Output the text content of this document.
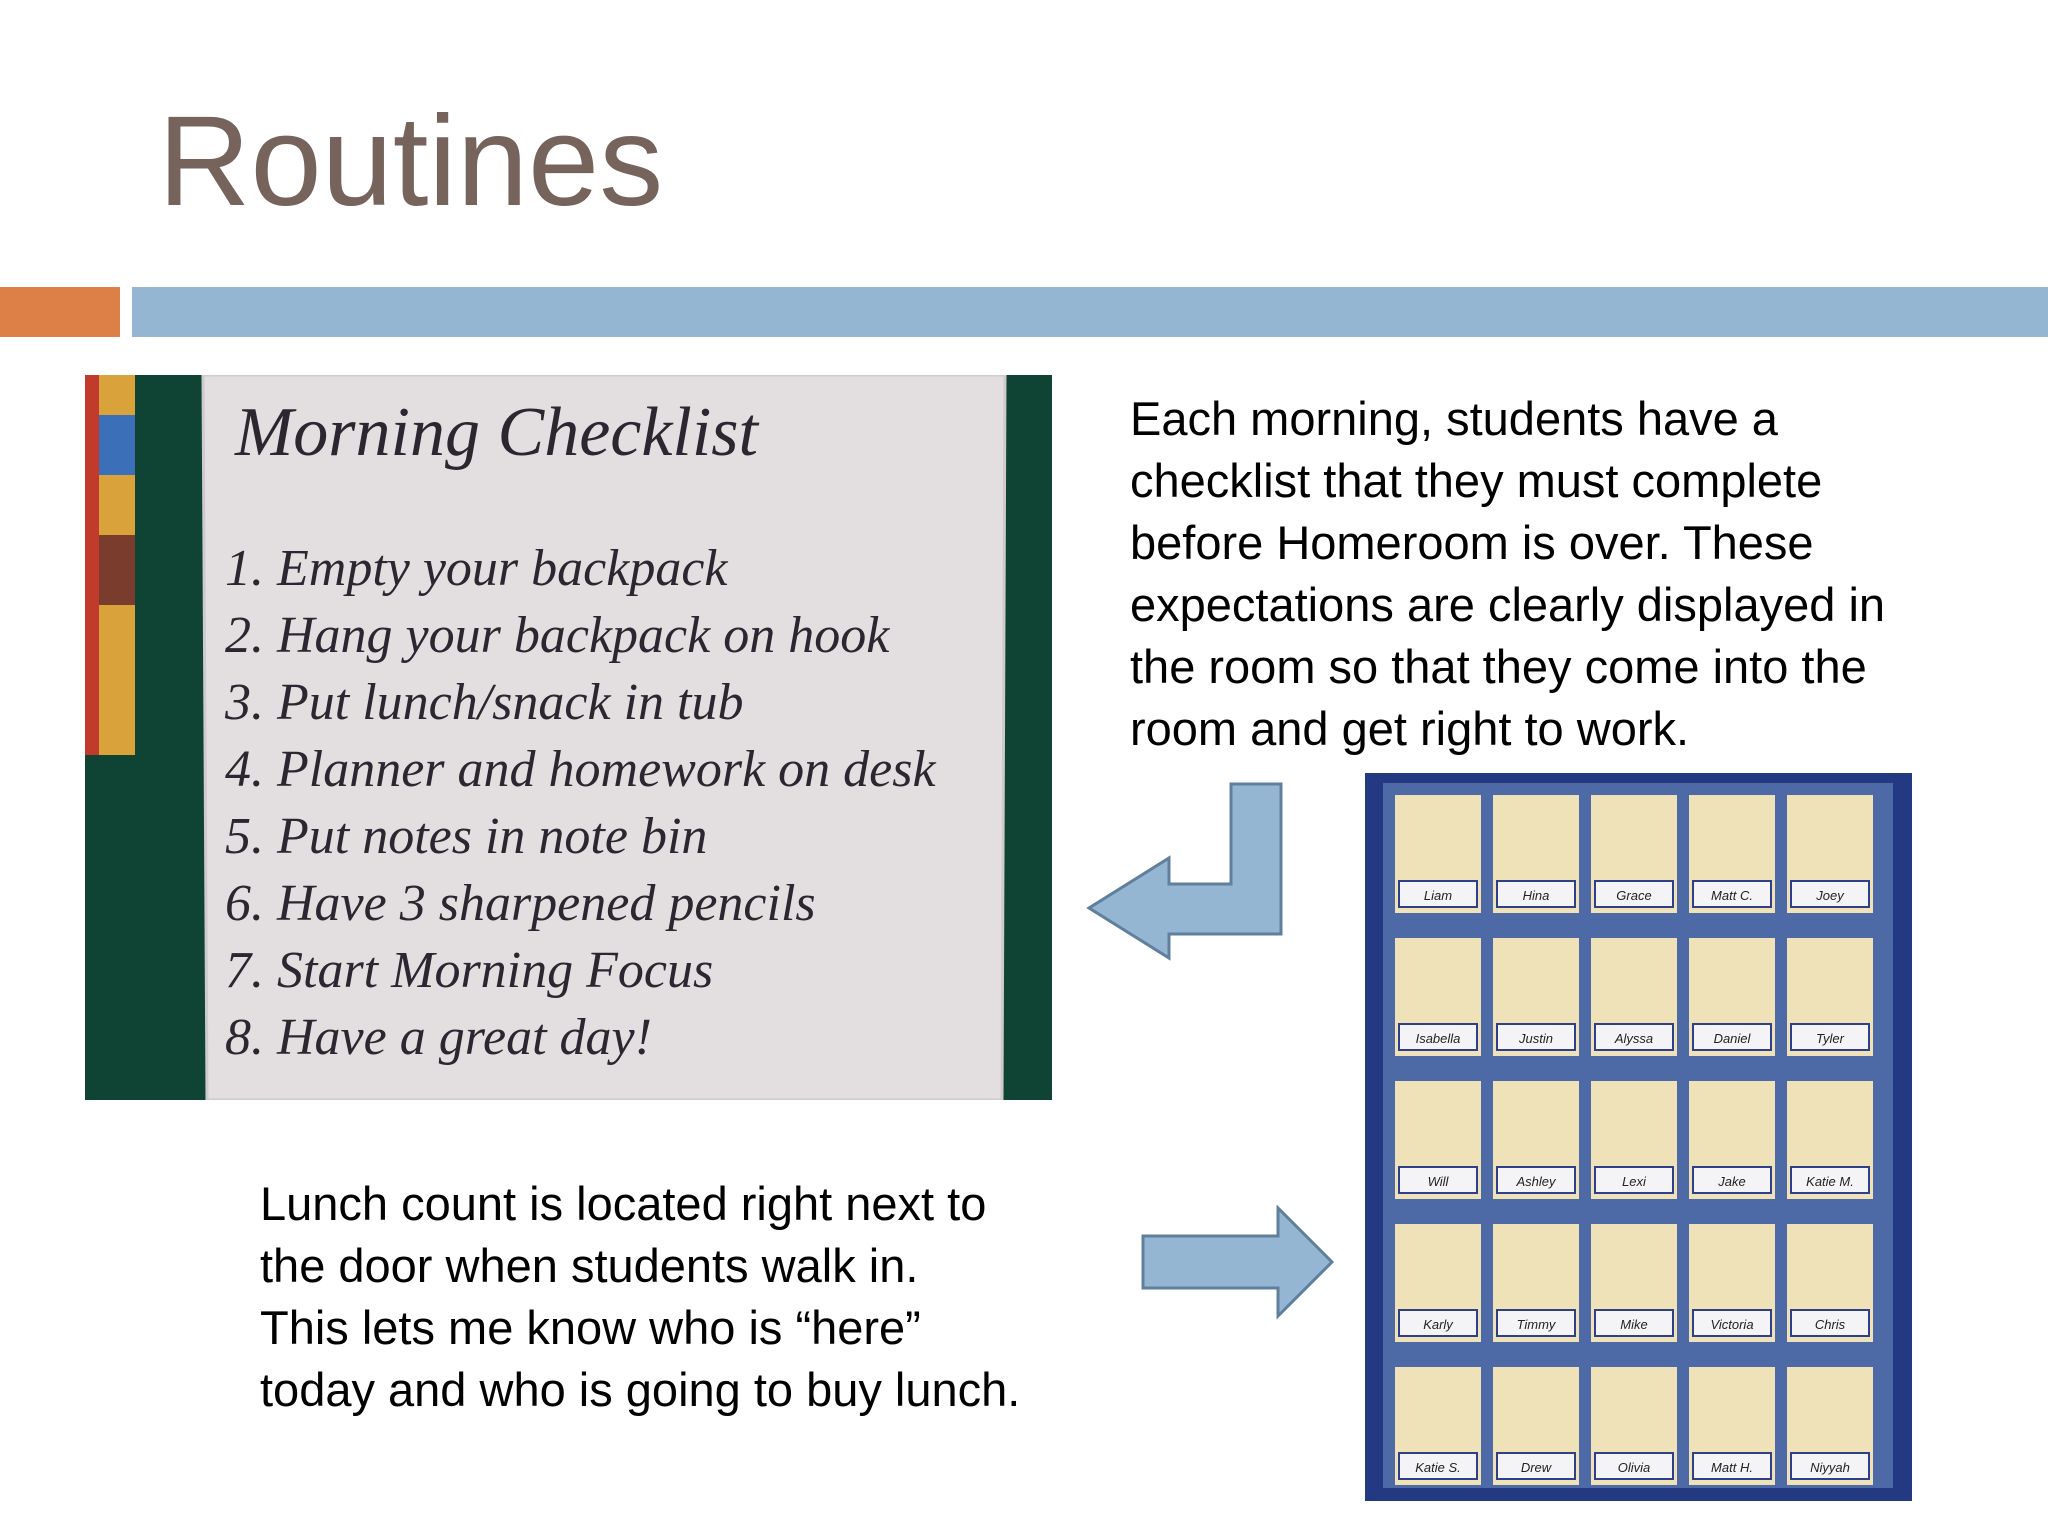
Routines
Morning Checklist
1. Empty your backpack
2. Hang your backpack on hook
3. Put lunch/snack in tub
4. Planner and homework on desk
5. Put notes in note bin
6. Have 3 sharpened pencils
7. Start Morning Focus
8. Have a great day!
Each morning, students have a
checklist that they must complete
before Homeroom is over. These
expectations are clearly displayed in
the room so that they come into the
room and get right to work.
Liam	Hina	Grace	Matt C.	Joey
Isabella	Justin	Alyssa	Daniel	Tyler
Will	Ashley	Lexi	Jake	Katie M.
Karly	Timmy	Mike	Victoria	Chris
Katie S.	Drew	Olivia	Matt H.	Niyyah
Lunch count is located right next to
the door when students walk in.
This lets me know who is “here”
today and who is going to buy lunch.
